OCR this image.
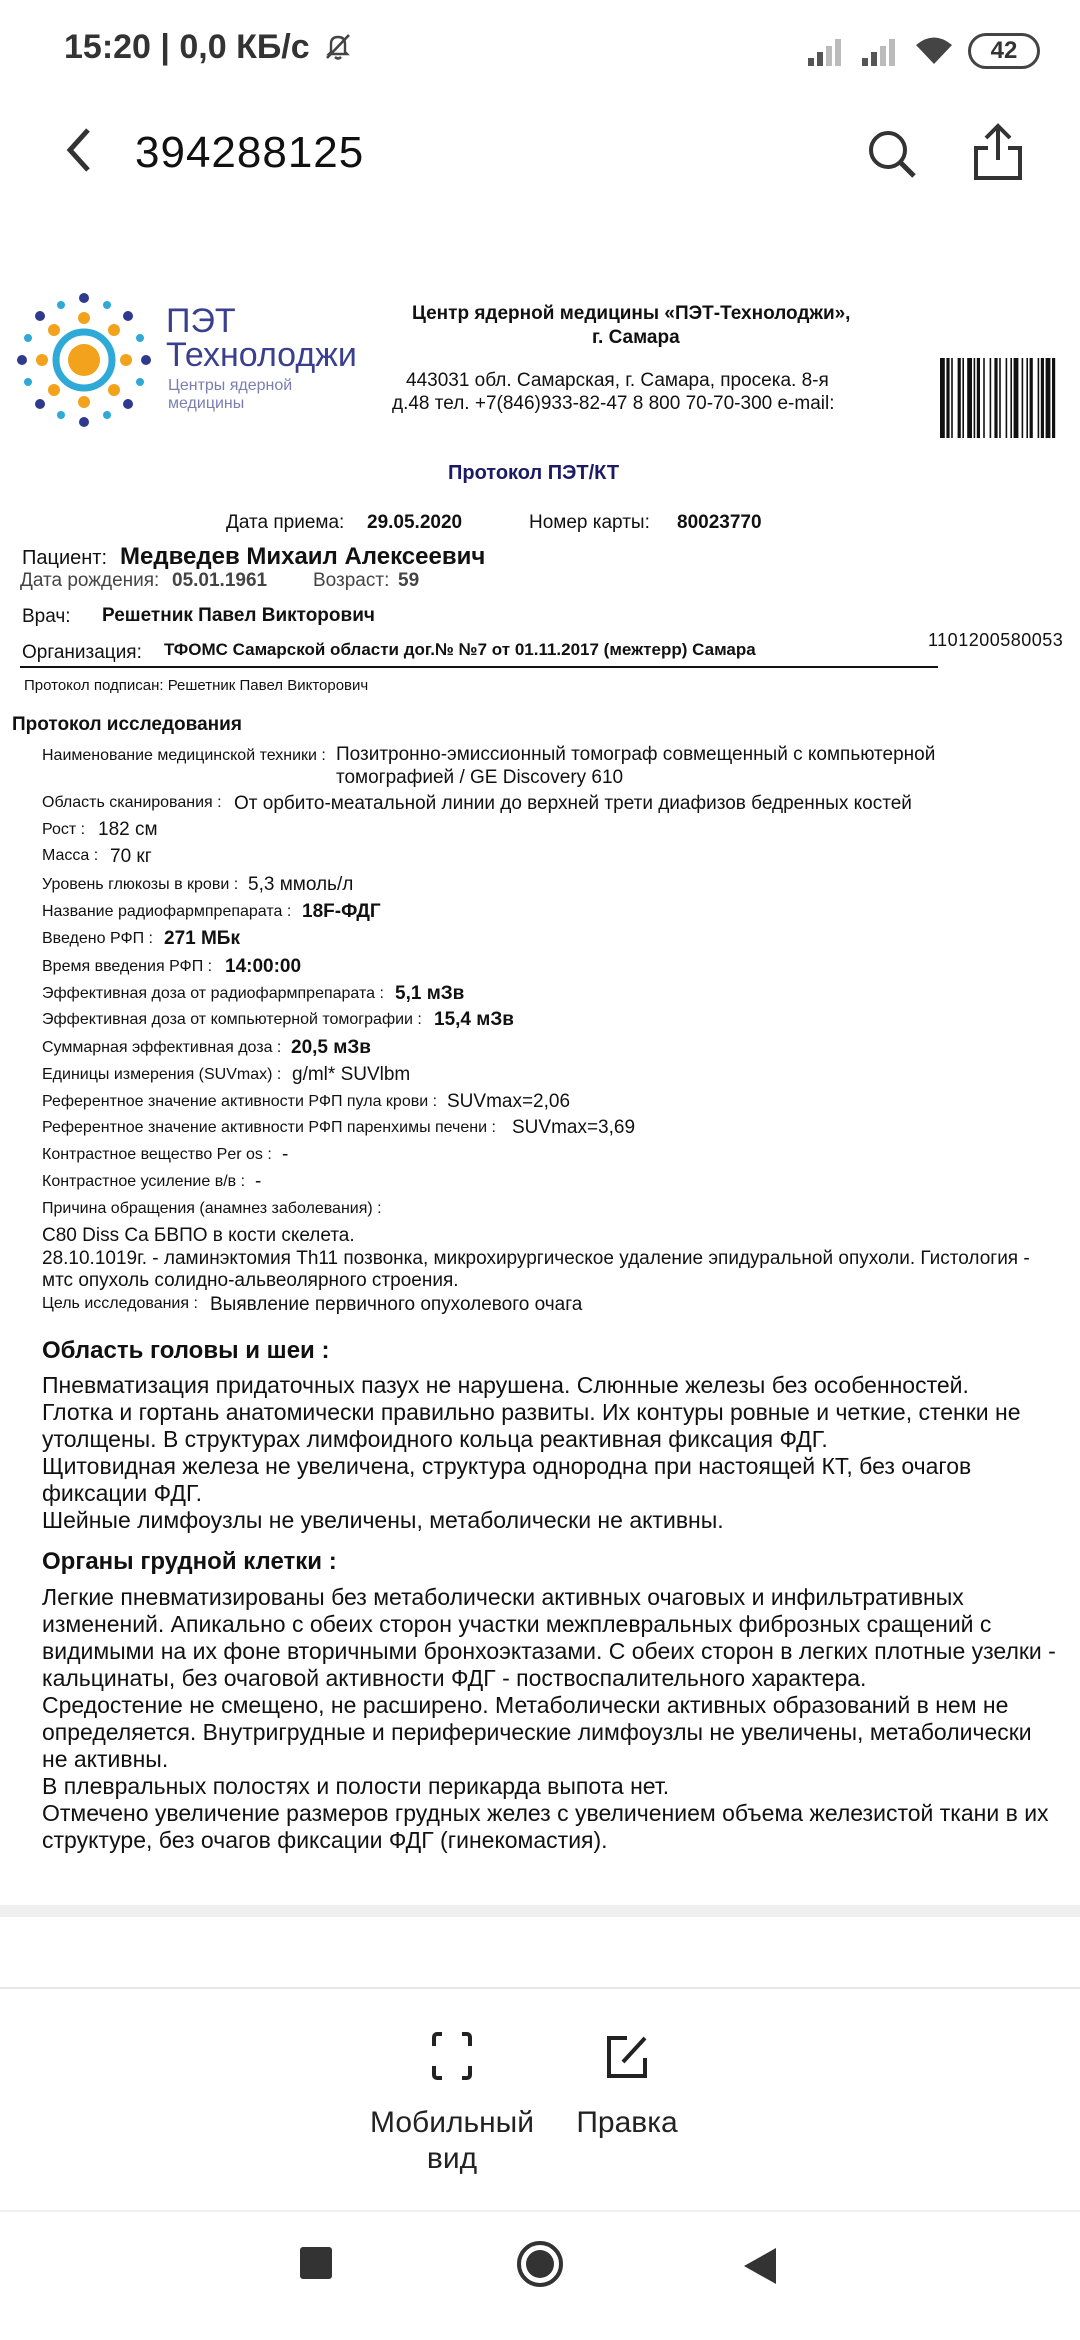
15:20 | 0,0 КБ/с	42
394288125
ПЭТ
Технолоджи
Центры ядерной
медицины
Центр ядерной медицины «ПЭТ-Технолоджи»,
г. Самара
443031 обл. Самарская, г. Самара, просека. 8-я
д.48 тел. +7(846)933-82-47 8 800 70-70-300 e-mail:
Протокол ПЭТ/КТ
Дата приема: 29.05.2020	Номер карты: 80023770
Пациент: Медведев Михаил Алексеевич
Дата рождения: 05.01.1961 Возраст: 59
Врач: Решетник Павел Викторович
Организация: ТФОМС Самарской области дог.№ №7 от 01.11.2017 (межтерр) Самара	1101200580053
Протокол подписан: Решетник Павел Викторович
Протокол исследования
Наименование медицинской техники : Позитронно-эмиссионный томограф совмещенный с компьютерной
томографией / GE Discovery 610
Область сканирования : От орбито-меатальной линии до верхней трети диафизов бедренных костей
Рост : 182 см
Масса : 70 кг
Уровень глюкозы в крови : 5,3 ммоль/л
Название радиофармпрепарата : 18F-ФДГ
Введено РФП : 271 МБк
Время введения РФП : 14:00:00
Эффективная доза от радиофармпрепарата : 5,1 мЗв
Эффективная доза от компьютерной томографии : 15,4 мЗв
Суммарная эффективная доза : 20,5 мЗв
Единицы измерения (SUVmax) : g/ml* SUVlbm
Референтное значение активности РФП пула крови : SUVmax=2,06
Референтное значение активности РФП паренхимы печени : SUVmax=3,69
Контрастное вещество Per os : -
Контрастное усиление в/в : -
Причина обращения (анамнез заболевания) :
С80 Diss Ca БВПО в кости скелета.
28.10.1019г. - ламинэктомия Th11 позвонка, микрохирургическое удаление эпидуральной опухоли. Гистология -
мтс опухоль солидно-альвеолярного строения.
Цель исследования : Выявление первичного опухолевого очага
Область головы и шеи :
Пневматизация придаточных пазух не нарушена. Слюнные железы без особенностей.
Глотка и гортань анатомически правильно развиты. Их контуры ровные и четкие, стенки не
утолщены. В структурах лимфоидного кольца реактивная фиксация ФДГ.
Щитовидная железа не увеличена, структура однородна при настоящей КТ, без очагов
фиксации ФДГ.
Шейные лимфоузлы не увеличены, метаболически не активны.
Органы грудной клетки :
Легкие пневматизированы без метаболически активных очаговых и инфильтративных
изменений. Апикально с обеих сторон участки межплевральных фиброзных сращений с
видимыми на их фоне вторичными бронхоэктазами. С обеих сторон в легких плотные узелки -
кальцинаты, без очаговой активности ФДГ - поствоспалительного характера.
Средостение не смещено, не расширено. Метаболически активных образований в нем не
определяется. Внутригрудные и периферические лимфоузлы не увеличены, метаболически
не активны.
В плевральных полостях и полости перикарда выпота нет.
Отмечено увеличение размеров грудных желез с увеличением объема железистой ткани в их
структуре, без очагов фиксации ФДГ (гинекомастия).
Мобильный
вид
Правка
